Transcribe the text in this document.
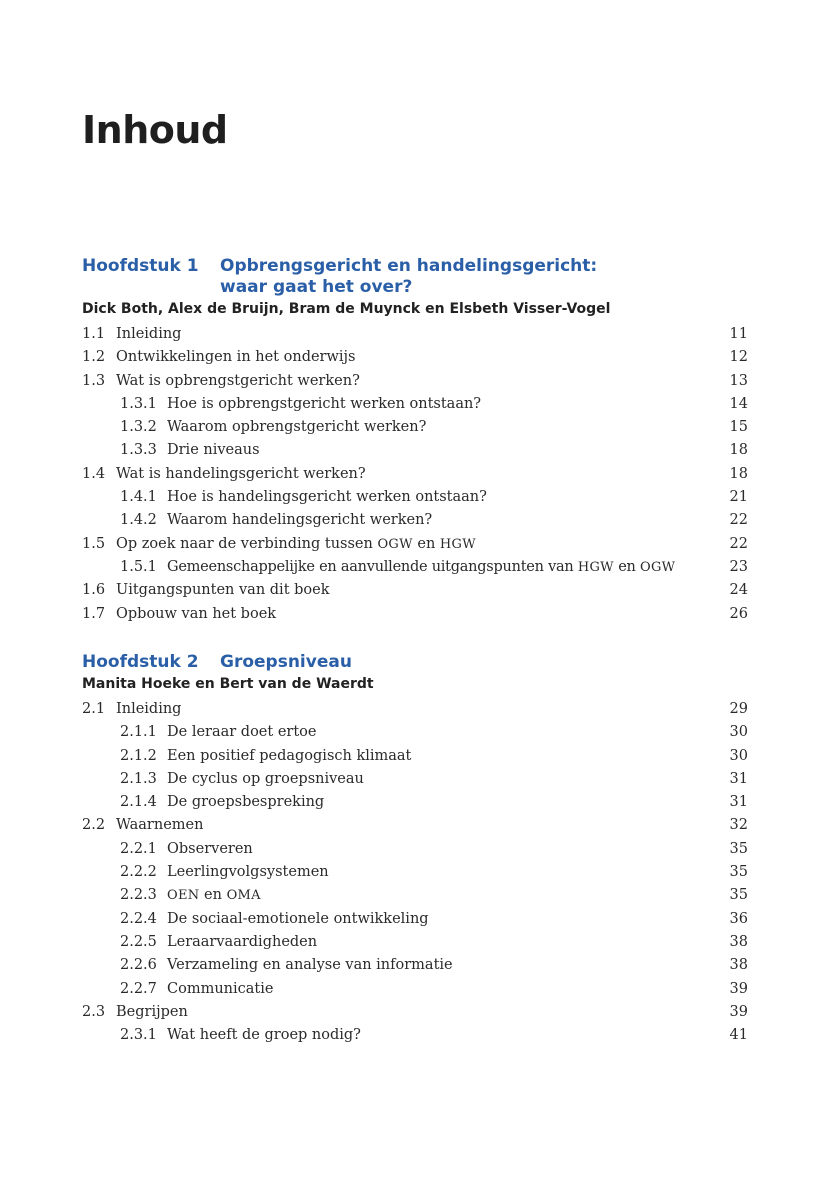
Inhoud
Hoofdstuk 1	Opbrengsgericht en handelingsgericht:
waar gaat het over?
Dick Both, Alex de Bruijn, Bram de Muynck en Elsbeth Visser-Vogel
1.1 Inleiding	11
1.2 Ontwikkelingen in het onderwijs	12
1.3 Wat is opbrengstgericht werken?	13
1.3.1 Hoe is opbrengstgericht werken ontstaan?	14
1.3.2 Waarom opbrengstgericht werken?	15
1.3.3 Drie niveaus	18
1.4 Wat is handelingsgericht werken?	18
1.4.1 Hoe is handelingsgericht werken ontstaan?	21
1.4.2 Waarom handelingsgericht werken?	22
1.5 Op zoek naar de verbinding tussen OGW en HGW	22
1.5.1 Gemeenschappelijke en aanvullende uitgangspunten van HGW en OGW	23
1.6 Uitgangspunten van dit boek	24
1.7 Opbouw van het boek	26
Hoofdstuk 2	Groepsniveau
Manita Hoeke en Bert van de Waerdt
2.1 Inleiding	29
2.1.1 De leraar doet ertoe	30
2.1.2 Een positief pedagogisch klimaat	30
2.1.3 De cyclus op groepsniveau	31
2.1.4 De groepsbespreking	31
2.2 Waarnemen	32
2.2.1 Observeren	35
2.2.2 Leerlingvolgsystemen	35
2.2.3 OEN en OMA	35
2.2.4 De sociaal-emotionele ontwikkeling	36
2.2.5 Leraarvaardigheden	38
2.2.6 Verzameling en analyse van informatie	38
2.2.7 Communicatie	39
2.3 Begrijpen	39
2.3.1 Wat heeft de groep nodig?	41
